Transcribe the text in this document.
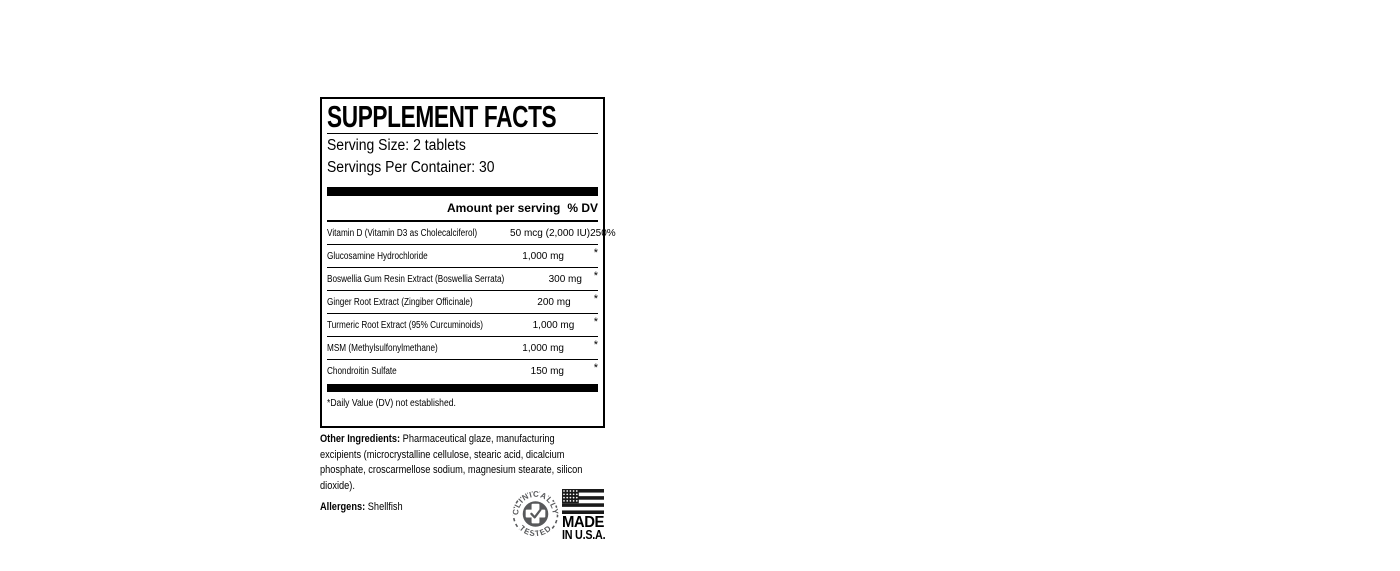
SUPPLEMENT FACTS
Serving Size: 2 tablets
Servings Per Container: 30
Amount per serving % DV
Vitamin D (Vitamin D3 as Cholecalciferol)	50 mcg (2,000 IU) 250%
Glucosamine Hydrochloride	1,000 mg	*
Boswellia Gum Resin Extract (Boswellia Serrata)	300 mg	*
Ginger Root Extract (Zingiber Officinale)	200 mg	*
Turmeric Root Extract (95% Curcuminoids)	1,000 mg	*
MSM (Methylsulfonylmethane)	1,000 mg	*
Chondroitin Sulfate	150 mg	*
*Daily Value (DV) not established.

Other Ingredients: Pharmaceutical glaze, manufacturing
excipients (microcrystalline cellulose, stearic acid, dicalcium
phosphate, croscarmellose sodium, magnesium stearate, silicon
dioxide).

Allergens: Shellfish	CLINICALLY
TESTED MADE
IN U.S.A.
